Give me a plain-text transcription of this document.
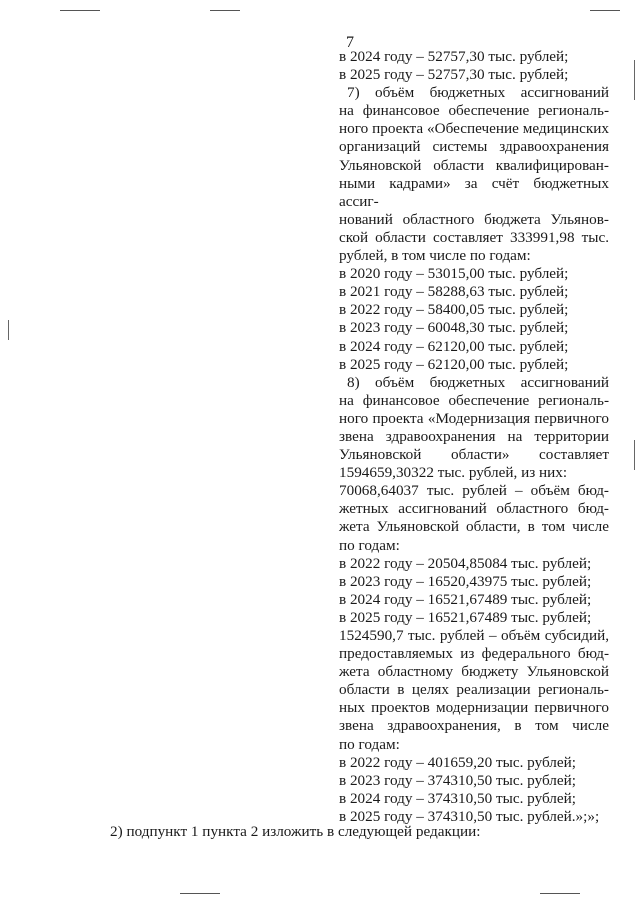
7

в 2024 году – 52757,30 тыс. рублей;

в 2025 году – 52757,30 тыс. рублей;

7) объём бюджетных ассигнований

на финансовое обеспечение региональ-

ного проекта «Обеспечение медицинских

организаций системы здравоохранения

Ульяновской области квалифицирован-

ными кадрами» за счёт бюджетных ассиг-

нований областного бюджета Ульянов-

ской области составляет 333991,98 тыс.

рублей, в том числе по годам:

в 2020 году – 53015,00 тыс. рублей;

в 2021 году – 58288,63 тыс. рублей;

в 2022 году – 58400,05 тыс. рублей;

в 2023 году – 60048,30 тыс. рублей;

в 2024 году – 62120,00 тыс. рублей;

в 2025 году – 62120,00 тыс. рублей;

8) объём бюджетных ассигнований

на финансовое обеспечение региональ-

ного проекта «Модернизация первичного

звена здравоохранения на территории

Ульяновской области» составляет

1594659,30322 тыс. рублей, из них:

70068,64037 тыс. рублей – объём бюд-

жетных ассигнований областного бюд-

жета Ульяновской области, в том числе

по годам:

в 2022 году – 20504,85084 тыс. рублей;

в 2023 году – 16520,43975 тыс. рублей;

в 2024 году – 16521,67489 тыс. рублей;

в 2025 году – 16521,67489 тыс. рублей;

1524590,7 тыс. рублей – объём субсидий,

предоставляемых из федерального бюд-

жета областному бюджету Ульяновской

области в целях реализации региональ-

ных проектов модернизации первичного

звена здравоохранения, в том числе

по годам:

в 2022 году – 401659,20 тыс. рублей;

в 2023 году – 374310,50 тыс. рублей;

в 2024 году – 374310,50 тыс. рублей;

в 2025 году – 374310,50 тыс. рублей.»;»;

2) подпункт 1 пункта 2 изложить в следующей редакции:
